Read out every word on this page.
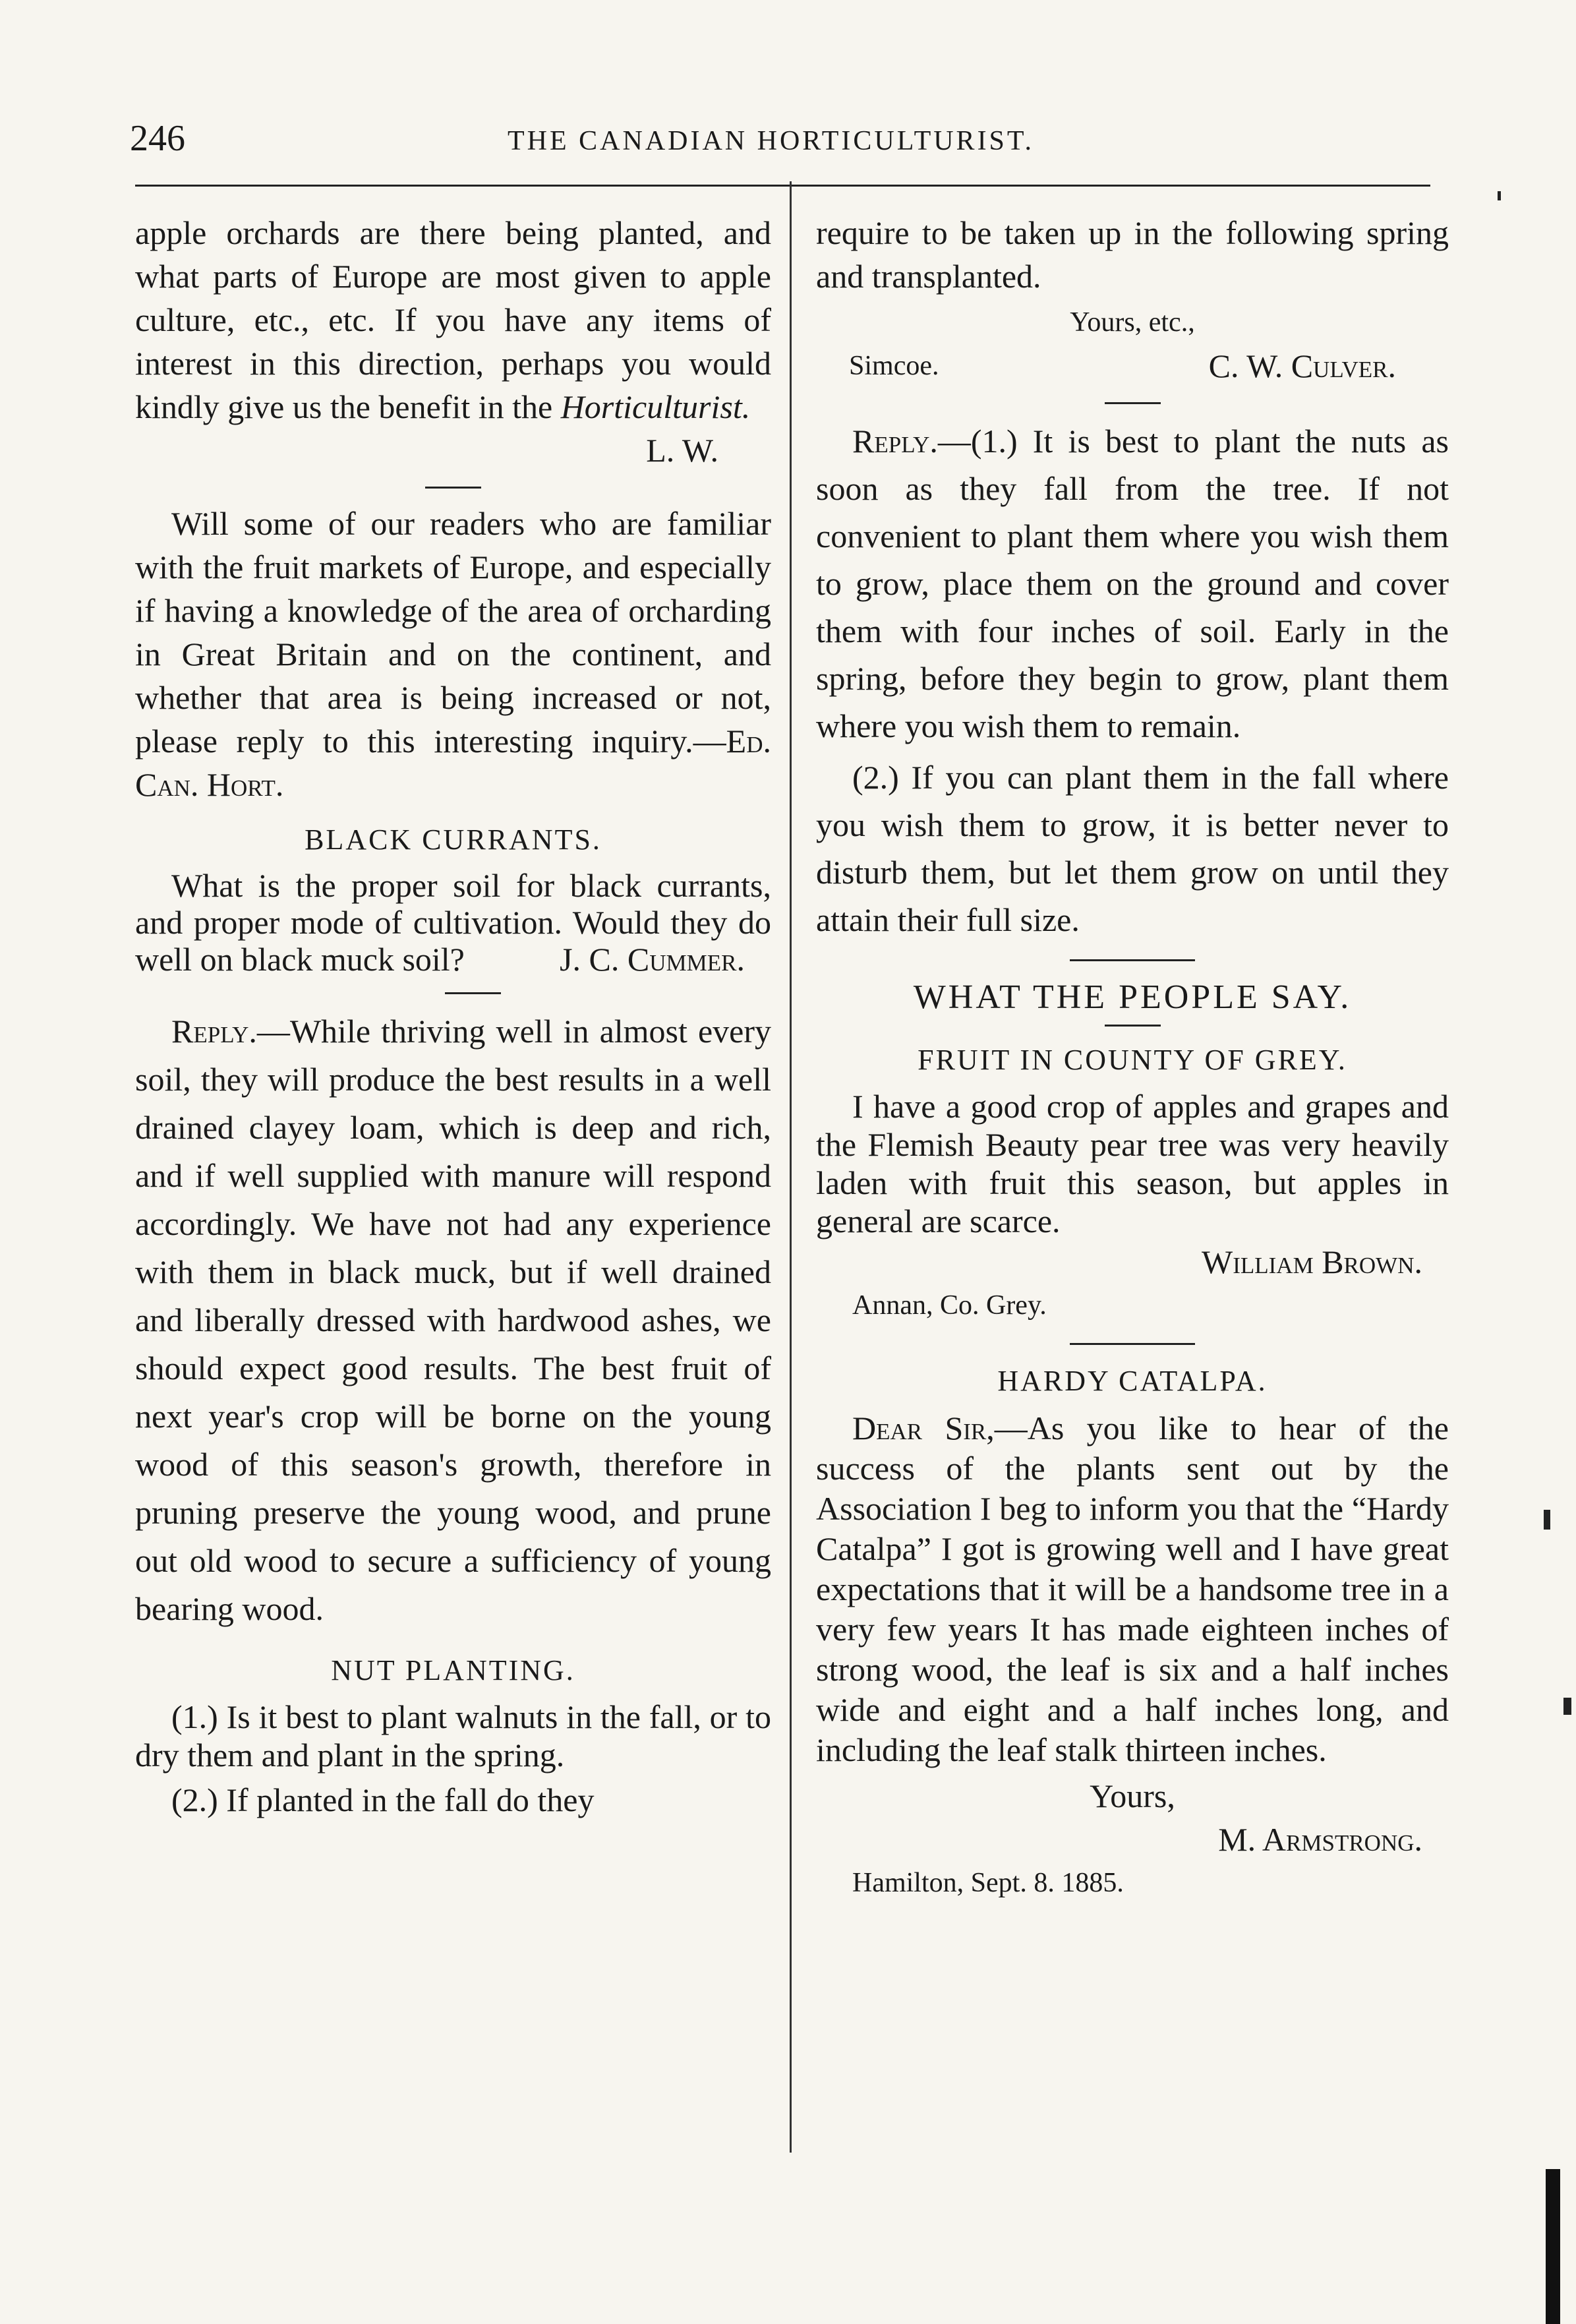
246	THE CANADIAN HORTICULTURIST.

apple orchards are there being planted, and what parts of Europe are most given to apple culture, etc., etc. If you have any items of interest in this direction, perhaps you would kindly give us the benefit in the Horticulturist.

L. W.

Will some of our readers who are familiar with the fruit markets of Europe, and especially if having a knowledge of the area of orcharding in Great Britain and on the continent, and whether that area is being increased or not, please reply to this interesting inquiry.—Ed. Can. Hort.

BLACK CURRANTS.

What is the proper soil for black currants, and proper mode of cultivation. Would they do well on black muck soil?	J. C. Cummer.

Reply.—While thriving well in almost every soil, they will produce the best results in a well drained clayey loam, which is deep and rich, and if well supplied with manure will respond accordingly. We have not had any experience with them in black muck, but if well drained and liberally dressed with hardwood ashes, we should expect good results. The best fruit of next year's crop will be borne on the young wood of this season's growth, therefore in pruning preserve the young wood, and prune out old wood to secure a sufficiency of young bearing wood.

NUT PLANTING.

(1.) Is it best to plant walnuts in the fall, or to dry them and plant in the spring.

(2.) If planted in the fall do they

require to be taken up in the following spring and transplanted.

Yours, etc.,
Simcoe.	C. W. Culver.

Reply.—(1.) It is best to plant the nuts as soon as they fall from the tree. If not convenient to plant them where you wish them to grow, place them on the ground and cover them with four inches of soil. Early in the spring, before they begin to grow, plant them where you wish them to remain.

(2.) If you can plant them in the fall where you wish them to grow, it is better never to disturb them, but let them grow on until they attain their full size.

WHAT THE PEOPLE SAY.
FRUIT IN COUNTY OF GREY.

I have a good crop of apples and grapes and the Flemish Beauty pear tree was very heavily laden with fruit this season, but apples in general are scarce.

William Brown.
Annan, Co. Grey.
HARDY CATALPA.

Dear Sir,—As you like to hear of the success of the plants sent out by the Association I beg to inform you that the “Hardy Catalpa” I got is growing well and I have great expectations that it will be a handsome tree in a very few years It has made eighteen inches of strong wood, the leaf is six and a half inches wide and eight and a half inches long, and including the leaf stalk thirteen inches.

Yours,
M. Armstrong.
Hamilton, Sept. 8. 1885.
